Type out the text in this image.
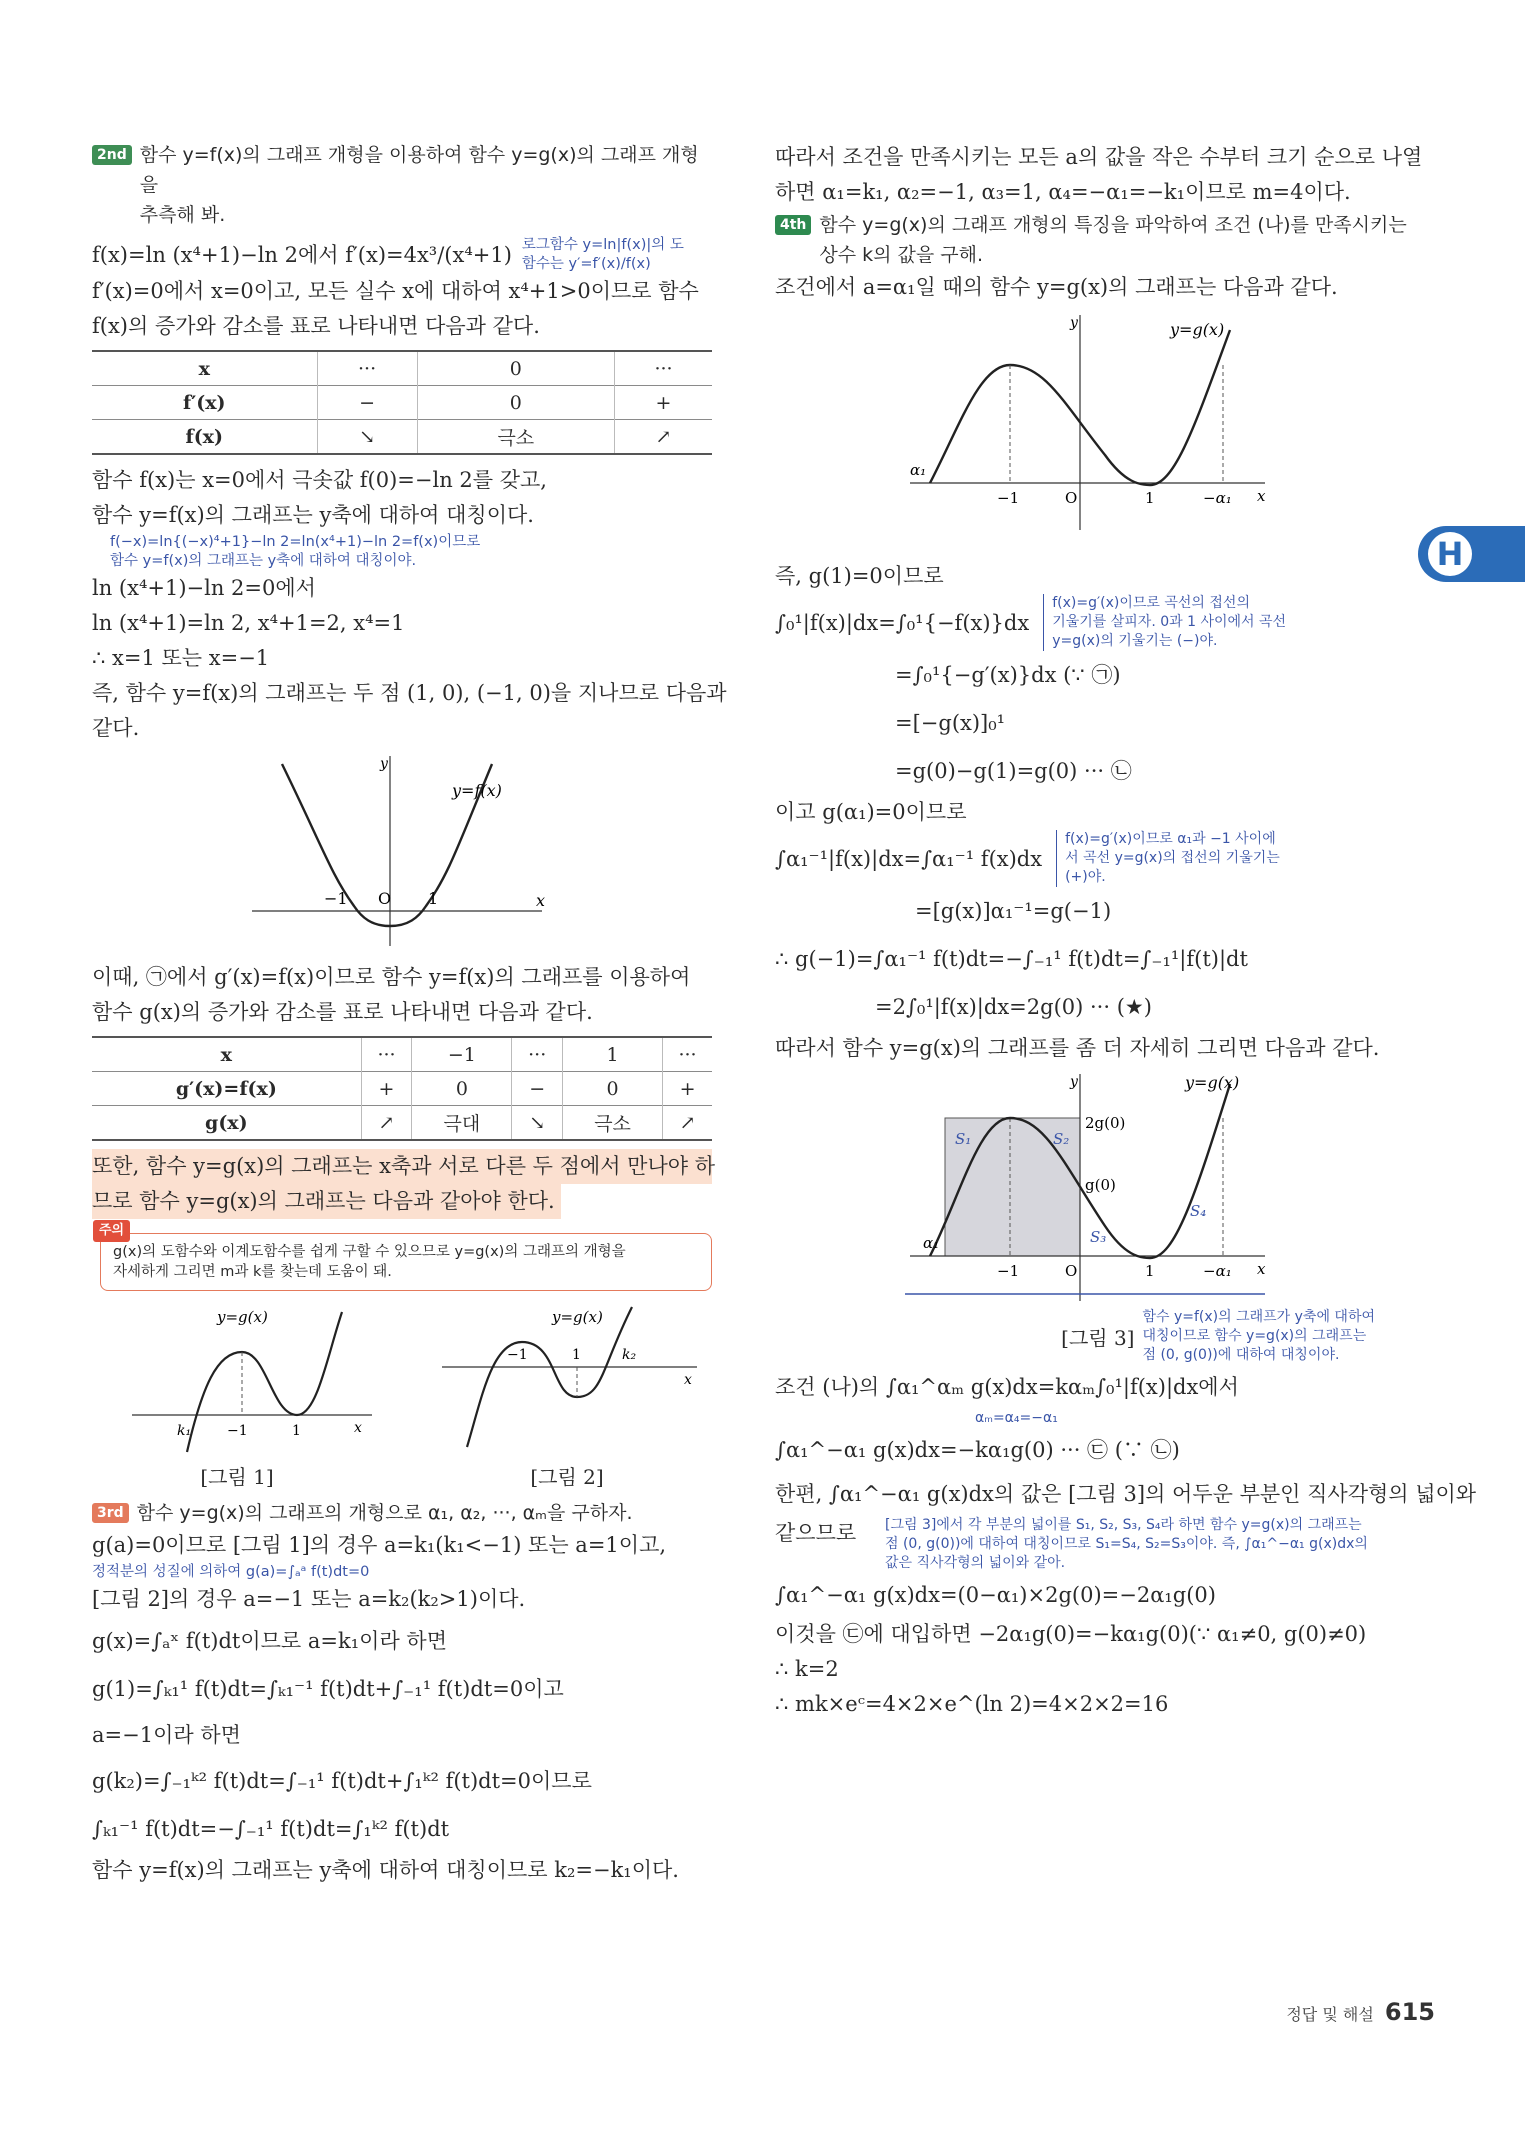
2nd 함수 y=f(x)의 그래프 개형을 이용하여 함수 y=g(x)의 그래프 개형을
추측해 봐.
f(x)=ln (x⁴+1)−ln 2에서 f′(x)=4x³/(x⁴+1) 로그함수 y=ln|f(x)|의 도함수는 y′=f′(x)/f(x)
f′(x)=0에서 x=0이고, 모든 실수 x에 대하여 x⁴+1>0이므로 함수
f(x)의 증가와 감소를 표로 나타내면 다음과 같다.
x	···	0	···
f′(x)	−	0	+
f(x)	↘	극소	↗
함수 f(x)는 x=0에서 극솟값 f(0)=−ln 2를 갖고,
함수 y=f(x)의 그래프는 y축에 대하여 대칭이다.
f(−x)=ln{(−x)⁴+1}−ln 2=ln(x⁴+1)−ln 2=f(x)이므로
함수 y=f(x)의 그래프는 y축에 대하여 대칭이야.
ln (x⁴+1)−ln 2=0에서
ln (x⁴+1)=ln 2, x⁴+1=2, x⁴=1
∴ x=1 또는 x=−1
즉, 함수 y=f(x)의 그래프는 두 점 (1, 0), (−1, 0)을 지나므로 다음과
같다.
y
x
y=f(x)
O
−1	1
이때, ㉠에서 g′(x)=f(x)이므로 함수 y=f(x)의 그래프를 이용하여
함수 g(x)의 증가와 감소를 표로 나타내면 다음과 같다.
x	···	−1	···	1	···
g′(x)=f(x)	+	0	−	0	+
g(x)	↗	극대	↘	극소	↗
또한, 함수 y=g(x)의 그래프는 x축과 서로 다른 두 점에서 만나야 하
므로 함수 y=g(x)의 그래프는 다음과 같아야 한다.
주의
g(x)의 도함수와 이계도함수를 쉽게 구할 수 있으므로 y=g(x)의 그래프의 개형을
자세하게 그리면 m과 k를 찾는데 도움이 돼.
y=g(x)
k₁	−1	1	x
[그림 1]
y=g(x)
−1	1	k₂
x
[그림 2]
3rd 함수 y=g(x)의 그래프의 개형으로 α₁, α₂, ···, αₘ을 구하자.
g(a)=0이므로 [그림 1]의 경우 a=k₁(k₁<−1) 또는 a=1이고,
정적분의 성질에 의하여 g(a)=∫ₐᵃ f(t)dt=0
[그림 2]의 경우 a=−1 또는 a=k₂(k₂>1)이다.
g(x)=∫ₐˣ f(t)dt이므로 a=k₁이라 하면
g(1)=∫ₖ₁¹ f(t)dt=∫ₖ₁⁻¹ f(t)dt+∫₋₁¹ f(t)dt=0이고
a=−1이라 하면
g(k₂)=∫₋₁ᵏ² f(t)dt=∫₋₁¹ f(t)dt+∫₁ᵏ² f(t)dt=0이므로
∫ₖ₁⁻¹ f(t)dt=−∫₋₁¹ f(t)dt=∫₁ᵏ² f(t)dt
함수 y=f(x)의 그래프는 y축에 대하여 대칭이므로 k₂=−k₁이다.
따라서 조건을 만족시키는 모든 a의 값을 작은 수부터 크기 순으로 나열
하면 α₁=k₁, α₂=−1, α₃=1, α₄=−α₁=−k₁이므로 m=4이다.
4th 함수 y=g(x)의 그래프 개형의 특징을 파악하여 조건 (나)를 만족시키는
상수 k의 값을 구해.
조건에서 a=α₁일 때의 함수 y=g(x)의 그래프는 다음과 같다.
y	y=g(x)
α₁
−1	O	1	−α₁ x
즉, g(1)=0이므로
∫₀¹|f(x)|dx=∫₀¹{−f(x)}dx
f(x)=g′(x)이므로 곡선의 접선의
기울기를 살피자. 0과 1 사이에서 곡선
y=g(x)의 기울기는 (−)야.
=∫₀¹{−g′(x)}dx (∵ ㉠)
=[−g(x)]₀¹
=g(0)−g(1)=g(0) ··· ㉡
이고 g(α₁)=0이므로
∫α₁⁻¹|f(x)|dx=∫α₁⁻¹ f(x)dx
f(x)=g′(x)이므로 α₁과 −1 사이에
서 곡선 y=g(x)의 접선의 기울기는
(+)야.
=[g(x)]α₁⁻¹=g(−1)
∴ g(−1)=∫α₁⁻¹ f(t)dt=−∫₋₁¹ f(t)dt=∫₋₁¹|f(t)|dt
=2∫₀¹|f(x)|dx=2g(0) ··· (★)
따라서 함수 y=g(x)의 그래프를 좀 더 자세히 그리면 다음과 같다.
y	y=g(x)
2g(0)
g(0)
S₁	S₂
S₃
S₄
α₁
−1	O	1	−α₁ x
[그림 3]
함수 y=f(x)의 그래프가 y축에 대하여
대칭이므로 함수 y=g(x)의 그래프는
점 (0, g(0))에 대하여 대칭이야.
조건 (나)의 ∫α₁^αₘ g(x)dx=kαₘ∫₀¹|f(x)|dx에서
αₘ=α₄=−α₁
∫α₁^−α₁ g(x)dx=−kα₁g(0) ··· ㉢ (∵ ㉡)
한편, ∫α₁^−α₁ g(x)dx의 값은 [그림 3]의 어두운 부분인 직사각형의 넓이와
같으므로	[그림 3]에서 각 부분의 넓이를 S₁, S₂, S₃, S₄라 하면 함수 y=g(x)의 그래프는
점 (0, g(0))에 대하여 대칭이므로 S₁=S₄, S₂=S₃이야. 즉, ∫α₁^−α₁ g(x)dx의
값은 직사각형의 넓이와 같아.
∫α₁^−α₁ g(x)dx=(0−α₁)×2g(0)=−2α₁g(0)
이것을 ㉢에 대입하면 −2α₁g(0)=−kα₁g(0)(∵ α₁≠0, g(0)≠0)
∴ k=2
∴ mk×eᶜ=4×2×e^(ln 2)=4×2×2=16
H
정답 및 해설 615
